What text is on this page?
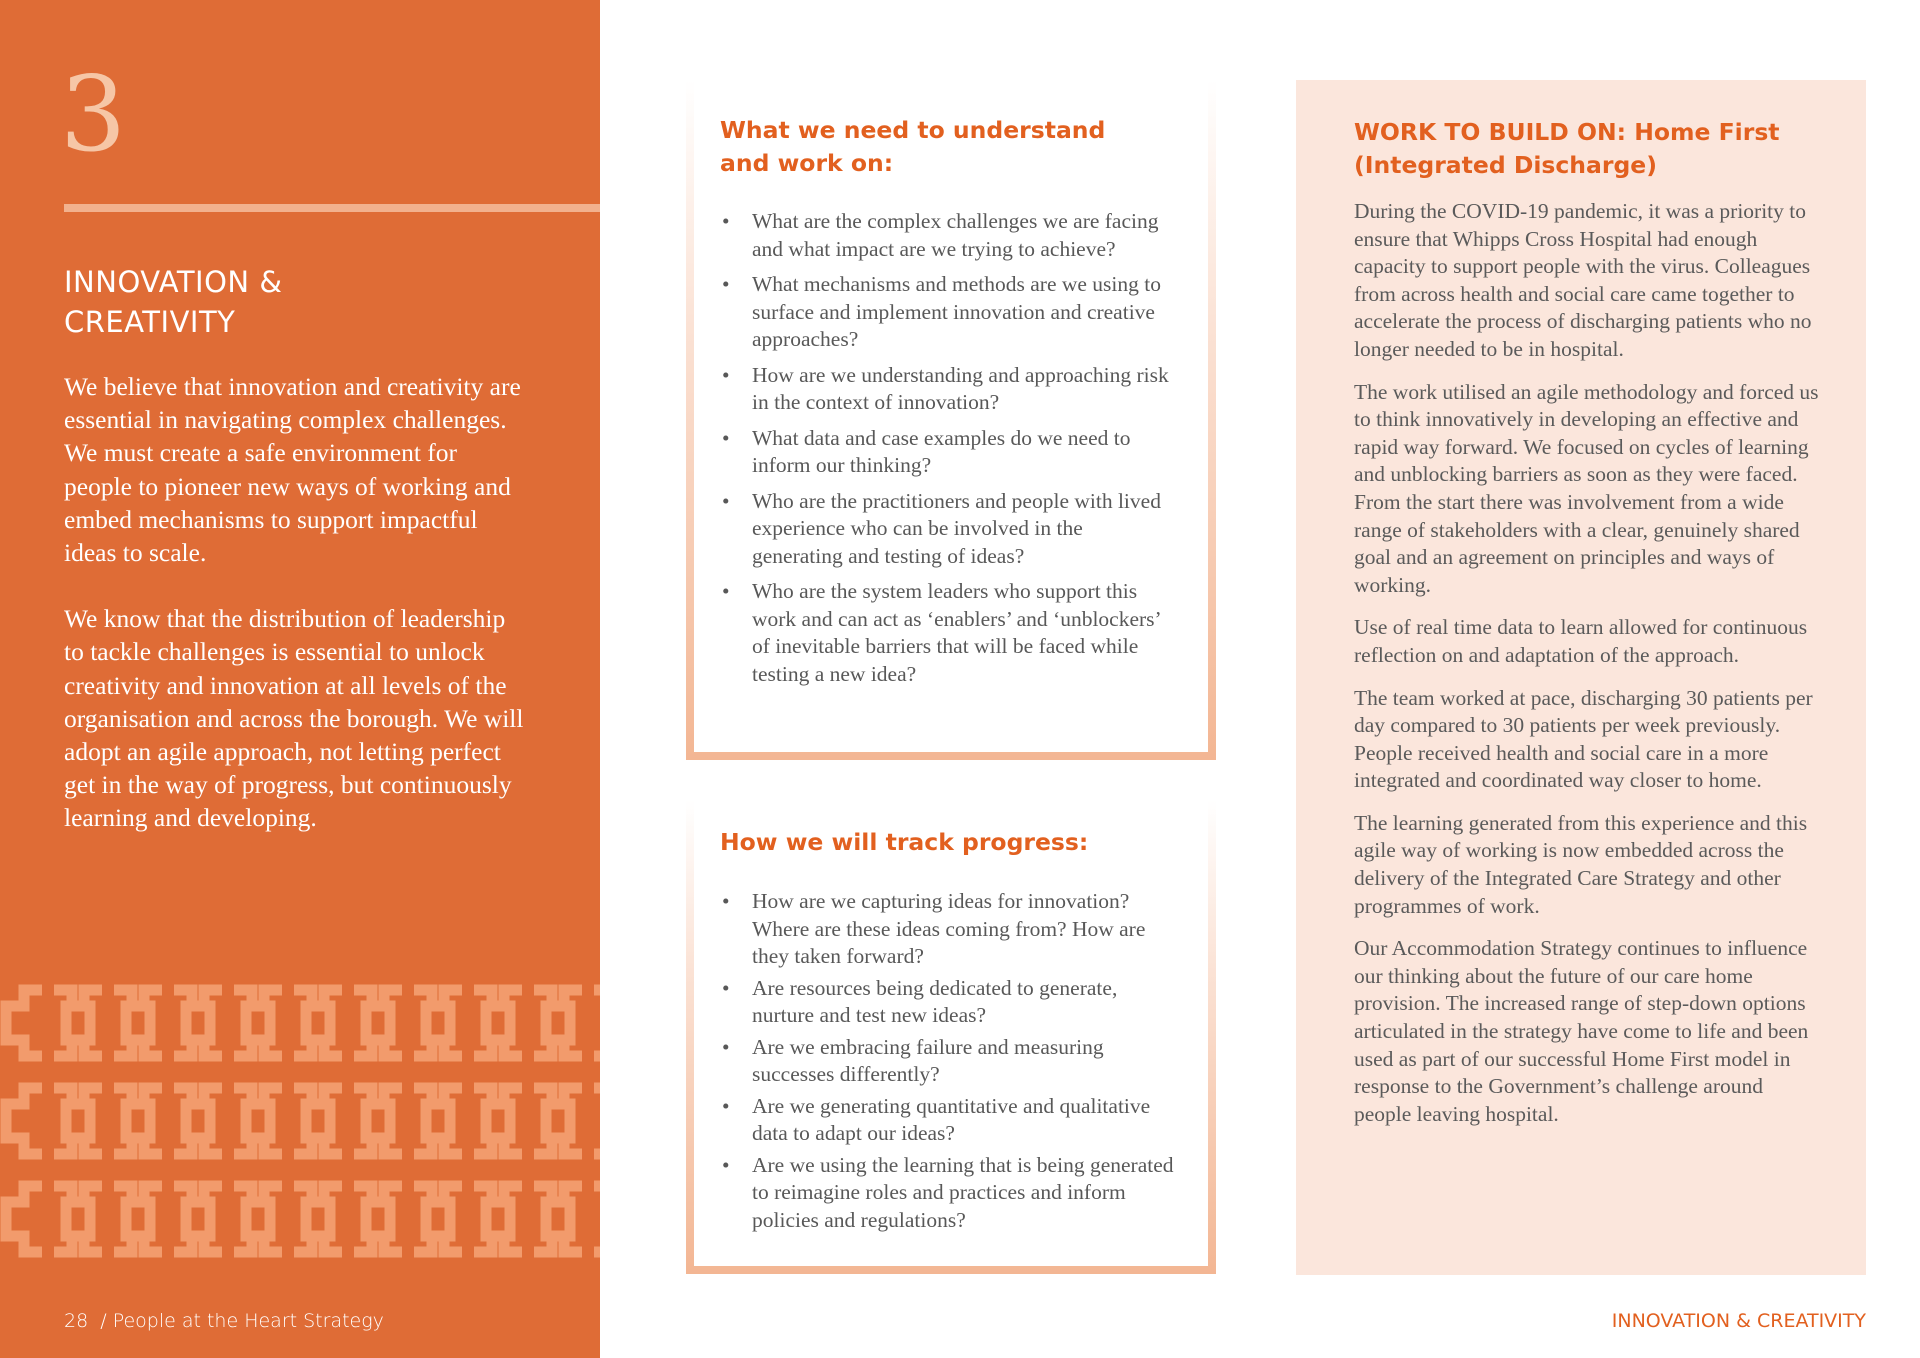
3
INNOVATION &
CREATIVITY

We believe that innovation and creativity are essential in navigating complex challenges. We must create a safe environment for people to pioneer new ways of working and embed mechanisms to support impactful ideas to scale.

We know that the distribution of leadership to tackle challenges is essential to unlock creativity and innovation at all levels of the organisation and across the borough. We will adopt an agile approach, not letting perfect get in the way of progress, but continuously learning and developing.

28 / People at the Heart Strategy
What we need to understand and work on:
• What are the complex challenges we are facing and what impact are we trying to achieve?
• What mechanisms and methods are we using to surface and implement innovation and creative approaches?
• How are we understanding and approaching risk in the context of innovation?
• What data and case examples do we need to inform our thinking?
• Who are the practitioners and people with lived experience who can be involved in the generating and testing of ideas?
• Who are the system leaders who support this work and can act as ‘enablers’ and ‘unblockers’ of inevitable barriers that will be faced while testing a new idea?
How we will track progress:
• How are we capturing ideas for innovation? Where are these ideas coming from? How are they taken forward?
• Are resources being dedicated to generate, nurture and test new ideas?
• Are we embracing failure and measuring successes differently?
• Are we generating quantitative and qualitative data to adapt our ideas?
• Are we using the learning that is being generated to reimagine roles and practices and inform policies and regulations?
WORK TO BUILD ON: Home First (Integrated Discharge)

During the COVID-19 pandemic, it was a priority to ensure that Whipps Cross Hospital had enough capacity to support people with the virus. Colleagues from across health and social care came together to accelerate the process of discharging patients who no longer needed to be in hospital.

The work utilised an agile methodology and forced us to think innovatively in developing an effective and rapid way forward. We focused on cycles of learning and unblocking barriers as soon as they were faced. From the start there was involvement from a wide range of stakeholders with a clear, genuinely shared goal and an agreement on principles and ways of working.

Use of real time data to learn allowed for continuous reflection on and adaptation of the approach.

The team worked at pace, discharging 30 patients per day compared to 30 patients per week previously. People received health and social care in a more integrated and coordinated way closer to home.

The learning generated from this experience and this agile way of working is now embedded across the delivery of the Integrated Care Strategy and other programmes of work.

Our Accommodation Strategy continues to influence our thinking about the future of our care home provision. The increased range of step-down options articulated in the strategy have come to life and been used as part of our successful Home First model in response to the Government’s challenge around people leaving hospital.

INNOVATION & CREATIVITY
